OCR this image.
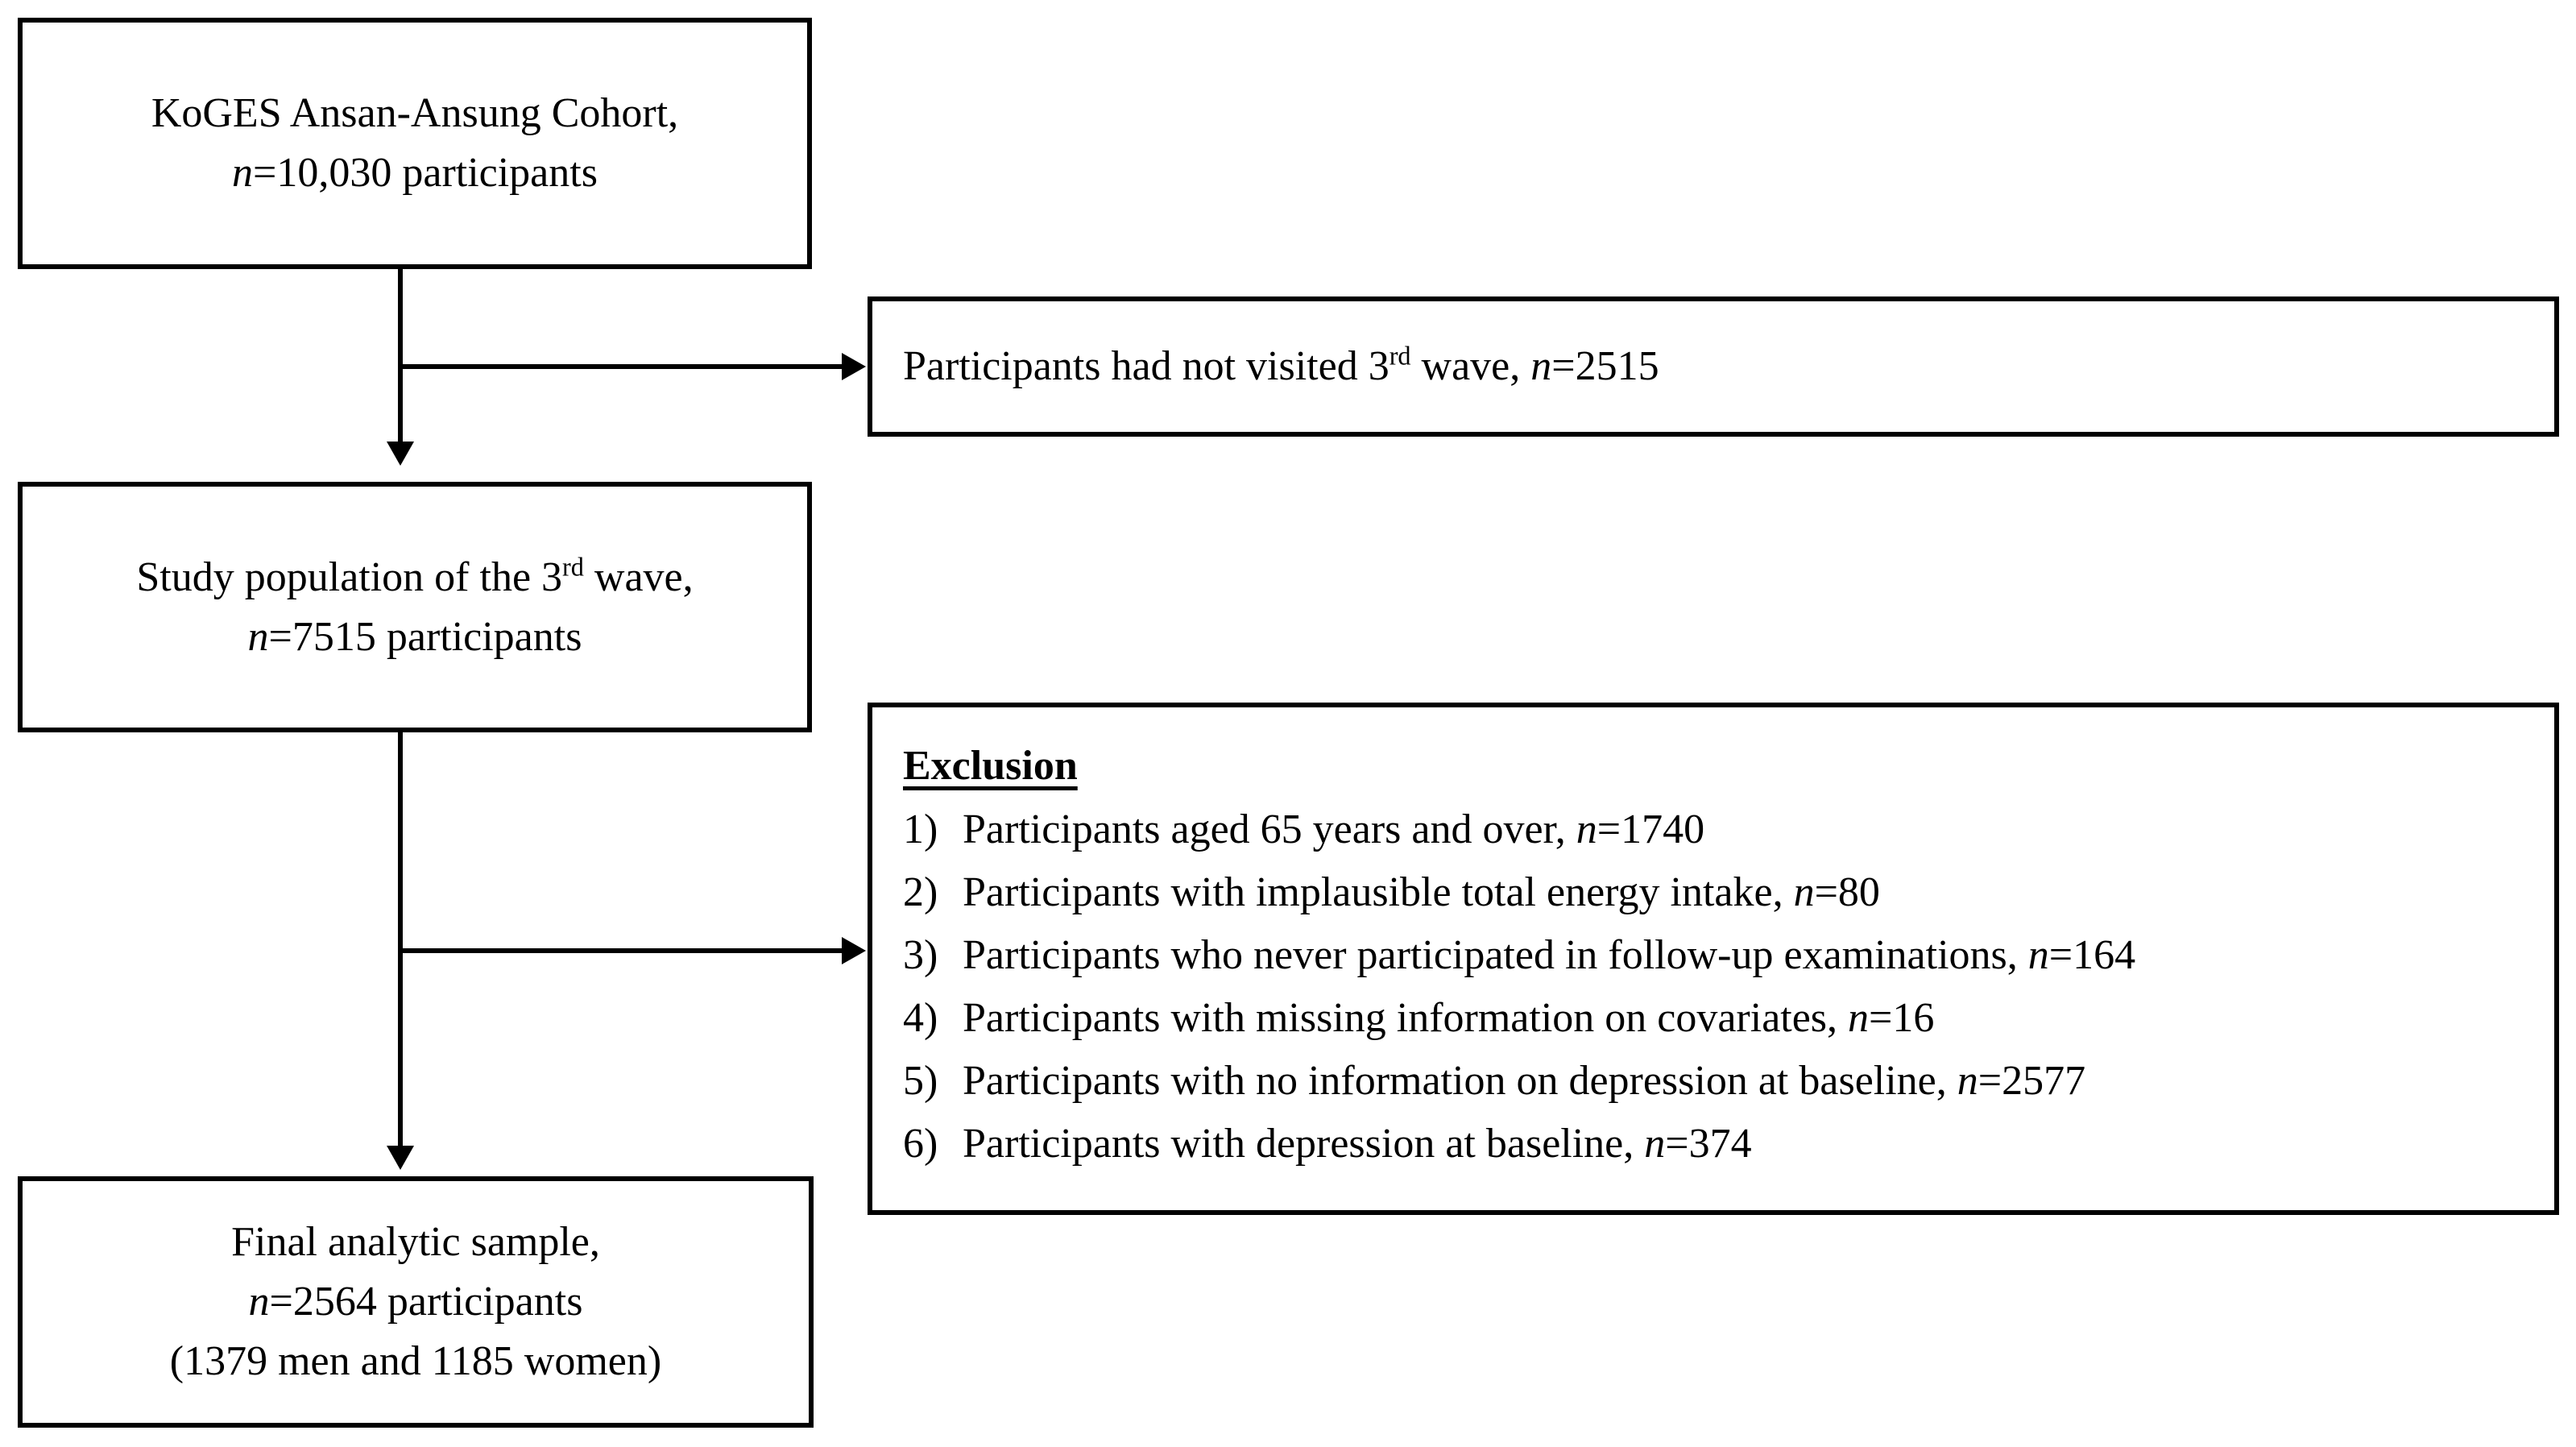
KoGES Ansan-Ansung Cohort,
n=10,030 participants
Participants had not visited 3rd wave, n=2515
Study population of the 3rd wave,
n=7515 participants
Exclusion
1) Participants aged 65 years and over, n=1740
2) Participants with implausible total energy intake, n=80
3) Participants who never participated in follow-up examinations, n=164
4) Participants with missing information on covariates, n=16
5) Participants with no information on depression at baseline, n=2577
6) Participants with depression at baseline, n=374
Final analytic sample,
n=2564 participants
(1379 men and 1185 women)
